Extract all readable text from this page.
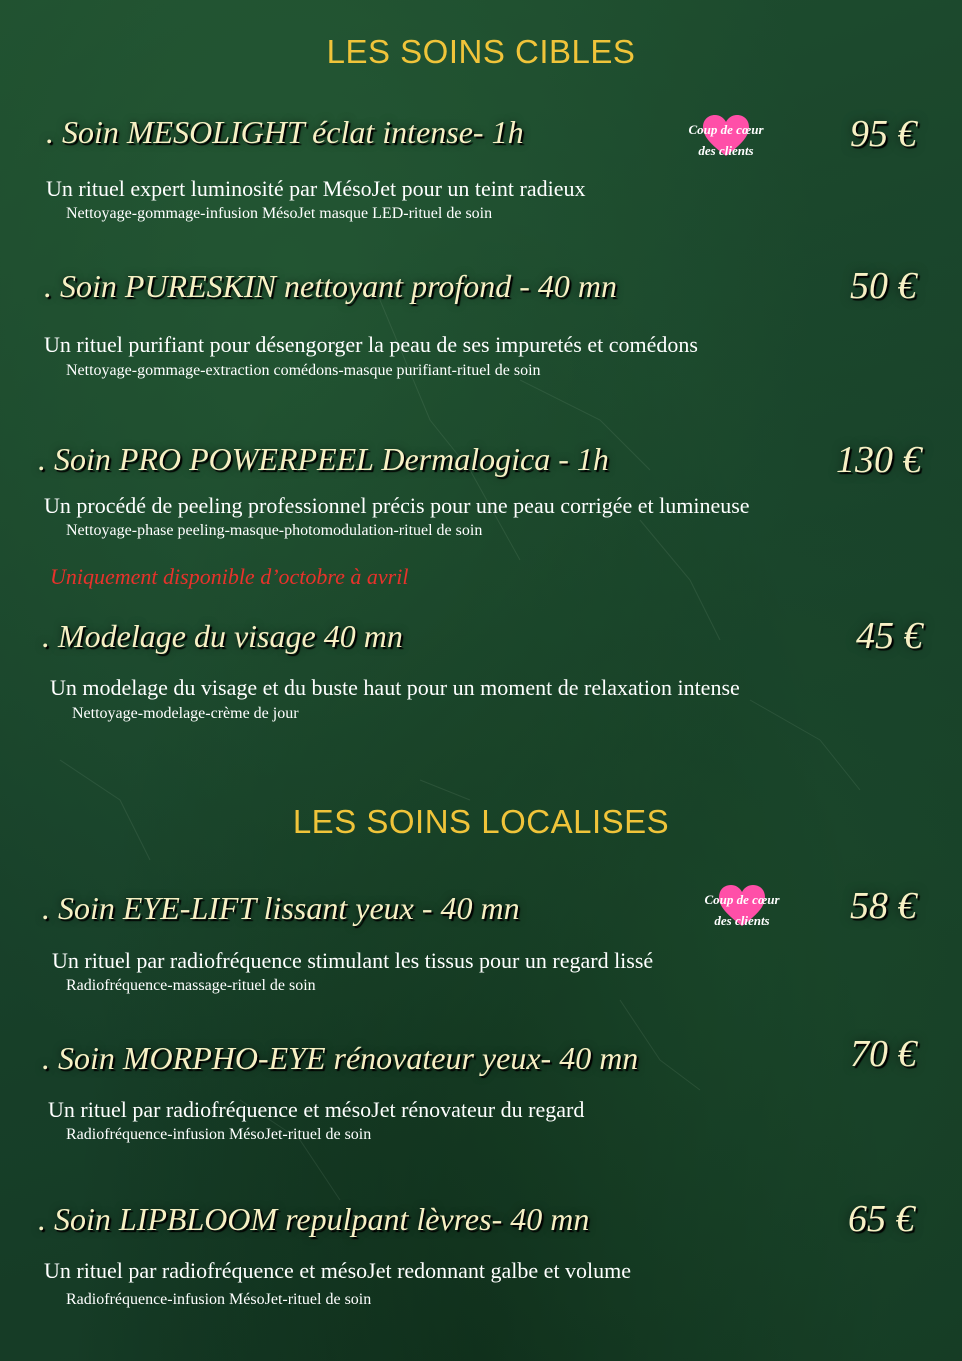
LES SOINS CIBLES
. Soin MESOLIGHT éclat intense- 1h	Coup de cœur
des clients	95 €
Un rituel expert luminosité par MésoJet pour un teint radieux
Nettoyage-gommage-infusion MésoJet masque LED-rituel de soin
. Soin PURESKIN nettoyant profond - 40 mn	50 €
Un rituel purifiant pour désengorger la peau de ses impuretés et comédons
Nettoyage-gommage-extraction comédons-masque purifiant-rituel de soin
. Soin PRO POWERPEEL Dermalogica - 1h	130 €
Un procédé de peeling professionnel précis pour une peau corrigée et lumineuse
Nettoyage-phase peeling-masque-photomodulation-rituel de soin
Uniquement disponible d’octobre à avril
. Modelage du visage 40 mn	45 €
Un modelage du visage et du buste haut pour un moment de relaxation intense
Nettoyage-modelage-crème de jour
LES SOINS LOCALISES
. Soin EYE-LIFT lissant yeux - 40 mn	Coup de cœur
des clients	58 €
Un rituel par radiofréquence stimulant les tissus pour un regard lissé
Radiofréquence-massage-rituel de soin
. Soin MORPHO-EYE rénovateur yeux- 40 mn	70 €
Un rituel par radiofréquence et mésoJet rénovateur du regard
Radiofréquence-infusion MésoJet-rituel de soin
. Soin LIPBLOOM repulpant lèvres- 40 mn	65 €
Un rituel par radiofréquence et mésoJet redonnant galbe et volume
Radiofréquence-infusion MésoJet-rituel de soin
